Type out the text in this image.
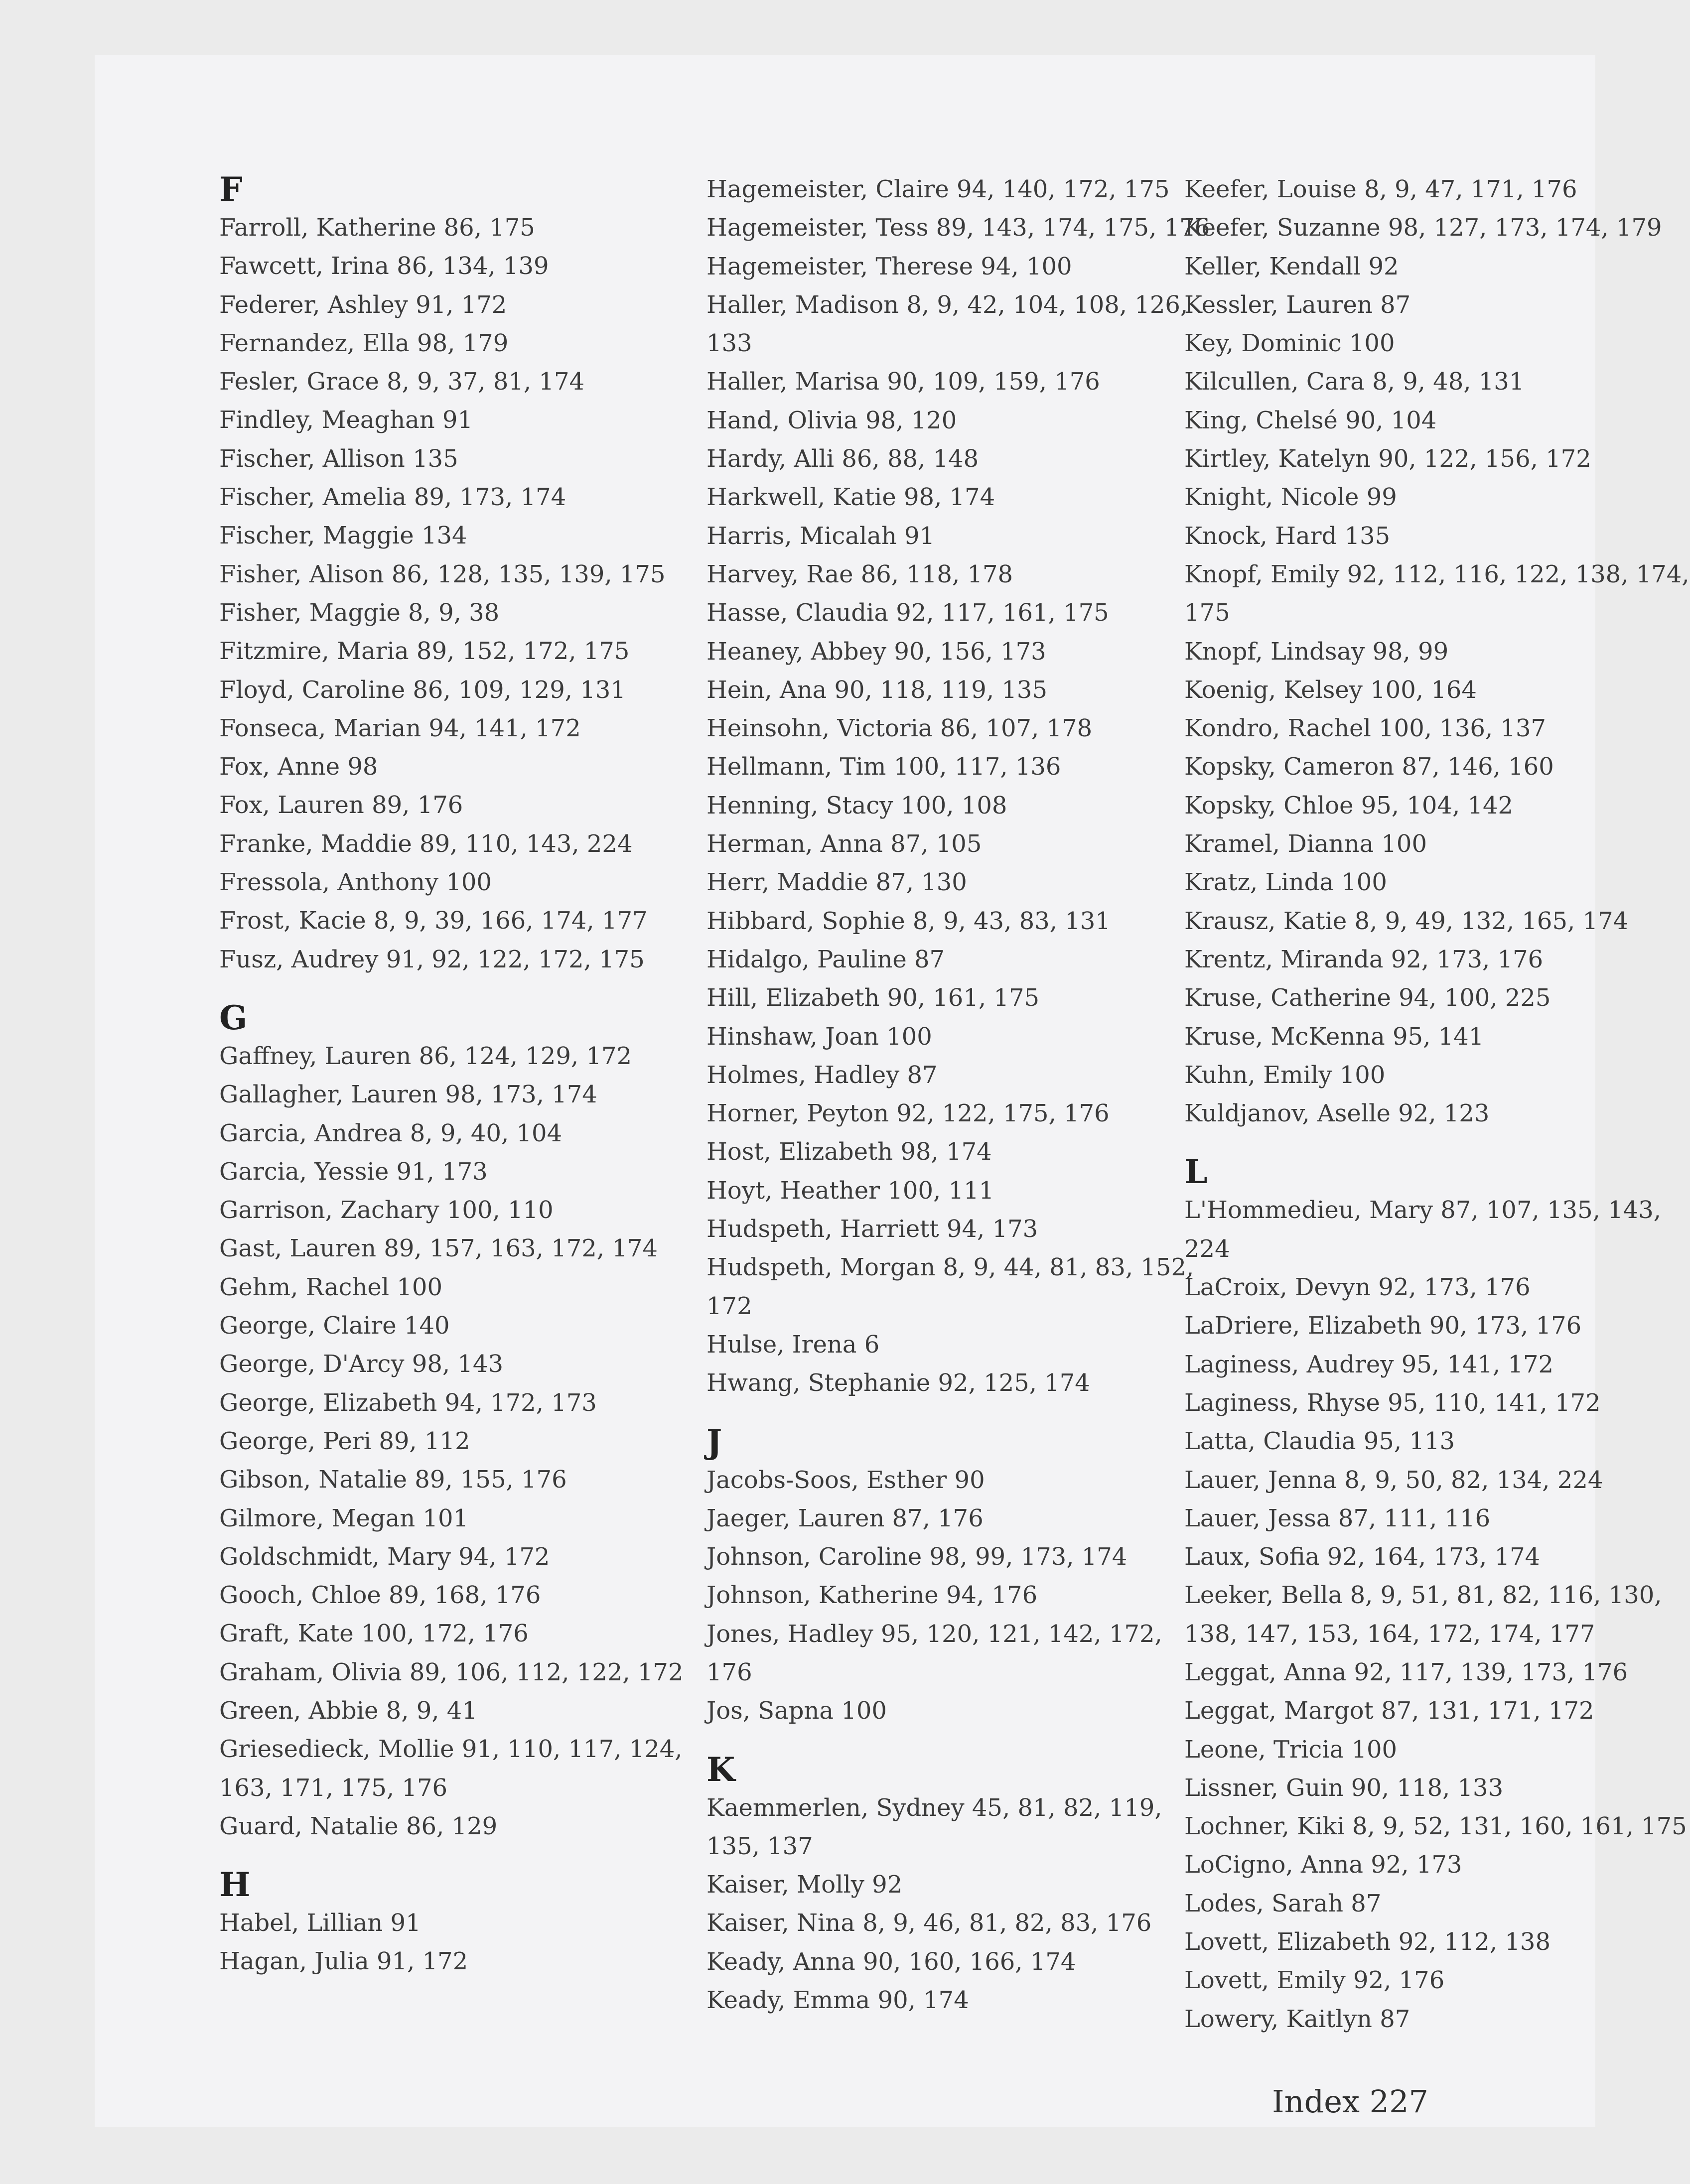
F
Farroll, Katherine 86, 175
Fawcett, Irina 86, 134, 139
Federer, Ashley 91, 172
Fernandez, Ella 98, 179
Fesler, Grace 8, 9, 37, 81, 174
Findley, Meaghan 91
Fischer, Allison 135
Fischer, Amelia 89, 173, 174
Fischer, Maggie 134
Fisher, Alison 86, 128, 135, 139, 175
Fisher, Maggie 8, 9, 38
Fitzmire, Maria 89, 152, 172, 175
Floyd, Caroline 86, 109, 129, 131
Fonseca, Marian 94, 141, 172
Fox, Anne 98
Fox, Lauren 89, 176
Franke, Maddie 89, 110, 143, 224
Fressola, Anthony 100
Frost, Kacie 8, 9, 39, 166, 174, 177
Fusz, Audrey 91, 92, 122, 172, 175
G
Gaffney, Lauren 86, 124, 129, 172
Gallagher, Lauren 98, 173, 174
Garcia, Andrea 8, 9, 40, 104
Garcia, Yessie 91, 173
Garrison, Zachary 100, 110
Gast, Lauren 89, 157, 163, 172, 174
Gehm, Rachel 100
George, Claire 140
George, D'Arcy 98, 143
George, Elizabeth 94, 172, 173
George, Peri 89, 112
Gibson, Natalie 89, 155, 176
Gilmore, Megan 101
Goldschmidt, Mary 94, 172
Gooch, Chloe 89, 168, 176
Graft, Kate 100, 172, 176
Graham, Olivia 89, 106, 112, 122, 172
Green, Abbie 8, 9, 41
Griesedieck, Mollie 91, 110, 117, 124,
163, 171, 175, 176
Guard, Natalie 86, 129
H
Habel, Lillian 91
Hagan, Julia 91, 172
Hagemeister, Claire 94, 140, 172, 175
Hagemeister, Tess 89, 143, 174, 175, 176
Hagemeister, Therese 94, 100
Haller, Madison 8, 9, 42, 104, 108, 126,
133
Haller, Marisa 90, 109, 159, 176
Hand, Olivia 98, 120
Hardy, Alli 86, 88, 148
Harkwell, Katie 98, 174
Harris, Micalah 91
Harvey, Rae 86, 118, 178
Hasse, Claudia 92, 117, 161, 175
Heaney, Abbey 90, 156, 173
Hein, Ana 90, 118, 119, 135
Heinsohn, Victoria 86, 107, 178
Hellmann, Tim 100, 117, 136
Henning, Stacy 100, 108
Herman, Anna 87, 105
Herr, Maddie 87, 130
Hibbard, Sophie 8, 9, 43, 83, 131
Hidalgo, Pauline 87
Hill, Elizabeth 90, 161, 175
Hinshaw, Joan 100
Holmes, Hadley 87
Horner, Peyton 92, 122, 175, 176
Host, Elizabeth 98, 174
Hoyt, Heather 100, 111
Hudspeth, Harriett 94, 173
Hudspeth, Morgan 8, 9, 44, 81, 83, 152,
172
Hulse, Irena 6
Hwang, Stephanie 92, 125, 174
J
Jacobs-Soos, Esther 90
Jaeger, Lauren 87, 176
Johnson, Caroline 98, 99, 173, 174
Johnson, Katherine 94, 176
Jones, Hadley 95, 120, 121, 142, 172,
176
Jos, Sapna 100
K
Kaemmerlen, Sydney 45, 81, 82, 119,
135, 137
Kaiser, Molly 92
Kaiser, Nina 8, 9, 46, 81, 82, 83, 176
Keady, Anna 90, 160, 166, 174
Keady, Emma 90, 174
Keefer, Louise 8, 9, 47, 171, 176
Keefer, Suzanne 98, 127, 173, 174, 179
Keller, Kendall 92
Kessler, Lauren 87
Key, Dominic 100
Kilcullen, Cara 8, 9, 48, 131
King, Chelsé 90, 104
Kirtley, Katelyn 90, 122, 156, 172
Knight, Nicole 99
Knock, Hard 135
Knopf, Emily 92, 112, 116, 122, 138, 174,
175
Knopf, Lindsay 98, 99
Koenig, Kelsey 100, 164
Kondro, Rachel 100, 136, 137
Kopsky, Cameron 87, 146, 160
Kopsky, Chloe 95, 104, 142
Kramel, Dianna 100
Kratz, Linda 100
Krausz, Katie 8, 9, 49, 132, 165, 174
Krentz, Miranda 92, 173, 176
Kruse, Catherine 94, 100, 225
Kruse, McKenna 95, 141
Kuhn, Emily 100
Kuldjanov, Aselle 92, 123
L
L'Hommedieu, Mary 87, 107, 135, 143,
224
LaCroix, Devyn 92, 173, 176
LaDriere, Elizabeth 90, 173, 176
Laginess, Audrey 95, 141, 172
Laginess, Rhyse 95, 110, 141, 172
Latta, Claudia 95, 113
Lauer, Jenna 8, 9, 50, 82, 134, 224
Lauer, Jessa 87, 111, 116
Laux, Sofia 92, 164, 173, 174
Leeker, Bella 8, 9, 51, 81, 82, 116, 130,
138, 147, 153, 164, 172, 174, 177
Leggat, Anna 92, 117, 139, 173, 176
Leggat, Margot 87, 131, 171, 172
Leone, Tricia 100
Lissner, Guin 90, 118, 133
Lochner, Kiki 8, 9, 52, 131, 160, 161, 175
LoCigno, Anna 92, 173
Lodes, Sarah 87
Lovett, Elizabeth 92, 112, 138
Lovett, Emily 92, 176
Lowery, Kaitlyn 87
Index 227
